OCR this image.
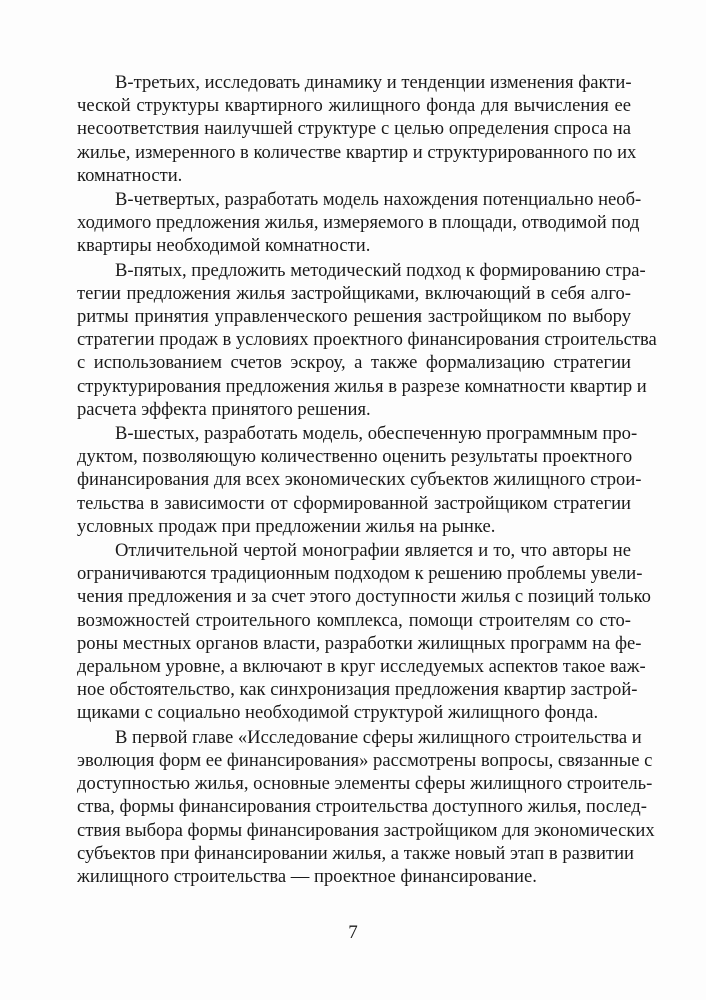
В-третьих, исследовать динамику и тенденции изменения факти-
ческой структуры квартирного жилищного фонда для вычисления ее
несоответствия наилучшей структуре с целью определения спроса на
жилье, измеренного в количестве квартир и структурированного по их
комнатности.
В-четвертых, разработать модель нахождения потенциально необ-
ходимого предложения жилья, измеряемого в площади, отводимой под
квартиры необходимой комнатности.
В-пятых, предложить методический подход к формированию стра-
тегии предложения жилья застройщиками, включающий в себя алго-
ритмы принятия управленческого решения застройщиком по выбору
стратегии продаж в условиях проектного финансирования строительства
с использованием счетов эскроу, а также формализацию стратегии
структурирования предложения жилья в разрезе комнатности квартир и
расчета эффекта принятого решения.
В-шестых, разработать модель, обеспеченную программным про-
дуктом, позволяющую количественно оценить результаты проектного
финансирования для всех экономических субъектов жилищного строи-
тельства в зависимости от сформированной застройщиком стратегии
условных продаж при предложении жилья на рынке.
Отличительной чертой монографии является и то, что авторы не
ограничиваются традиционным подходом к решению проблемы увели-
чения предложения и за счет этого доступности жилья с позиций только
возможностей строительного комплекса, помощи строителям со сто-
роны местных органов власти, разработки жилищных программ на фе-
деральном уровне, а включают в круг исследуемых аспектов такое важ-
ное обстоятельство, как синхронизация предложения квартир застрой-
щиками с социально необходимой структурой жилищного фонда.
В первой главе «Исследование сферы жилищного строительства и
эволюция форм ее финансирования» рассмотрены вопросы, связанные с
доступностью жилья, основные элементы сферы жилищного строитель-
ства, формы финансирования строительства доступного жилья, послед-
ствия выбора формы финансирования застройщиком для экономических
субъектов при финансировании жилья, а также новый этап в развитии
жилищного строительства — проектное финансирование.
7
